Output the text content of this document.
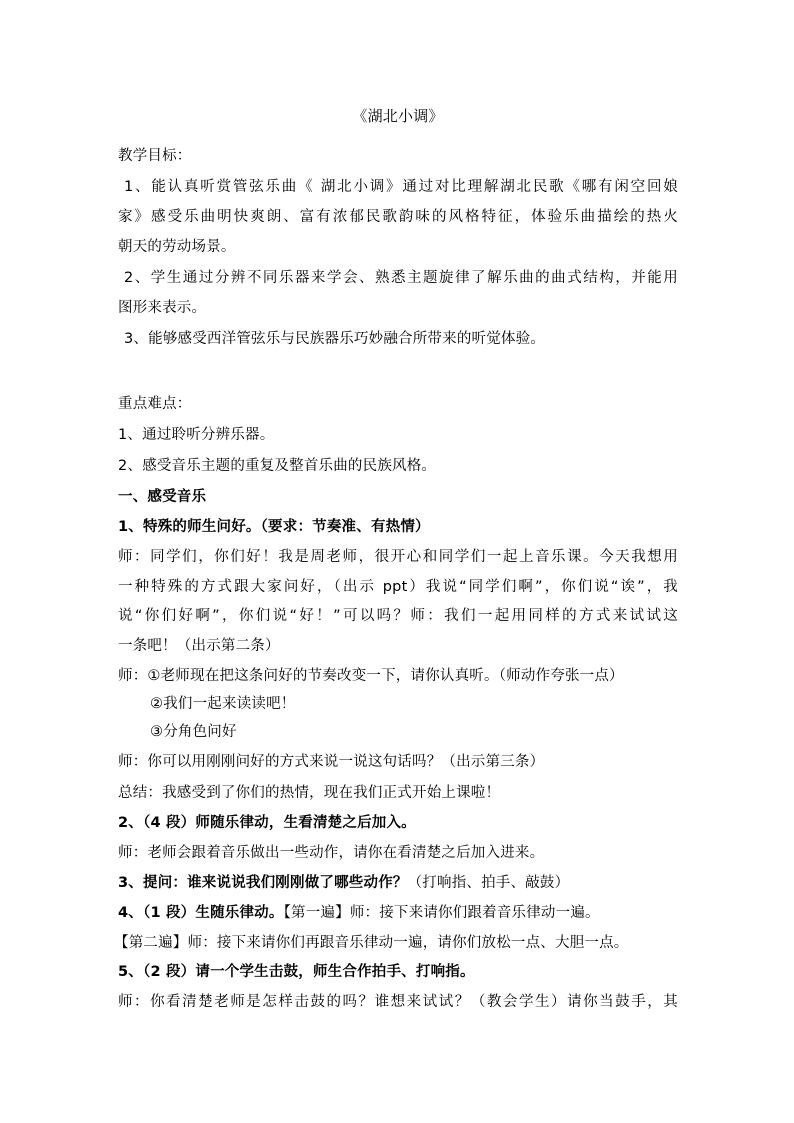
《湖北小调》
教学目标：
1、能认真听赏管弦乐曲《 湖北小调》通过对比理解湖北民歌《哪有闲空回娘
家》感受乐曲明快爽朗、富有浓郁民歌韵味的风格特征，体验乐曲描绘的热火
朝天的劳动场景。
2、学生通过分辨不同乐器来学会、熟悉主题旋律了解乐曲的曲式结构，并能用
图形来表示。
3、能够感受西洋管弦乐与民族器乐巧妙融合所带来的听觉体验。
重点难点：
1、通过聆听分辨乐器。
2、感受音乐主题的重复及整首乐曲的民族风格。
一、感受音乐
1、特殊的师生问好。（要求：节奏准、有热情）
师：同学们，你们好！我是周老师，很开心和同学们一起上音乐课。今天我想用
一种特殊的方式跟大家问好，（出示 ppt）我说“同学们啊”，你们说“诶”，我
说“你们好啊”，你们说“好！”可以吗？师：我们一起用同样的方式来试试这
一条吧！（出示第二条）
师：①老师现在把这条问好的节奏改变一下，请你认真听。（师动作夸张一点）
②我们一起来读读吧！
③分角色问好
师：你可以用刚刚问好的方式来说一说这句话吗？（出示第三条）
总结：我感受到了你们的热情，现在我们正式开始上课啦！
2、（4 段）师随乐律动，生看清楚之后加入。
师：老师会跟着音乐做出一些动作，请你在看清楚之后加入进来。
3、提问：谁来说说我们刚刚做了哪些动作？（打响指、拍手、敲鼓）
4、（1 段）生随乐律动。【第一遍】师：接下来请你们跟着音乐律动一遍。
【第二遍】师：接下来请你们再跟音乐律动一遍，请你们放松一点、大胆一点。
5、（2 段）请一个学生击鼓，师生合作拍手、打响指。
师：你看清楚老师是怎样击鼓的吗？谁想来试试？（教会学生）请你当鼓手，其
